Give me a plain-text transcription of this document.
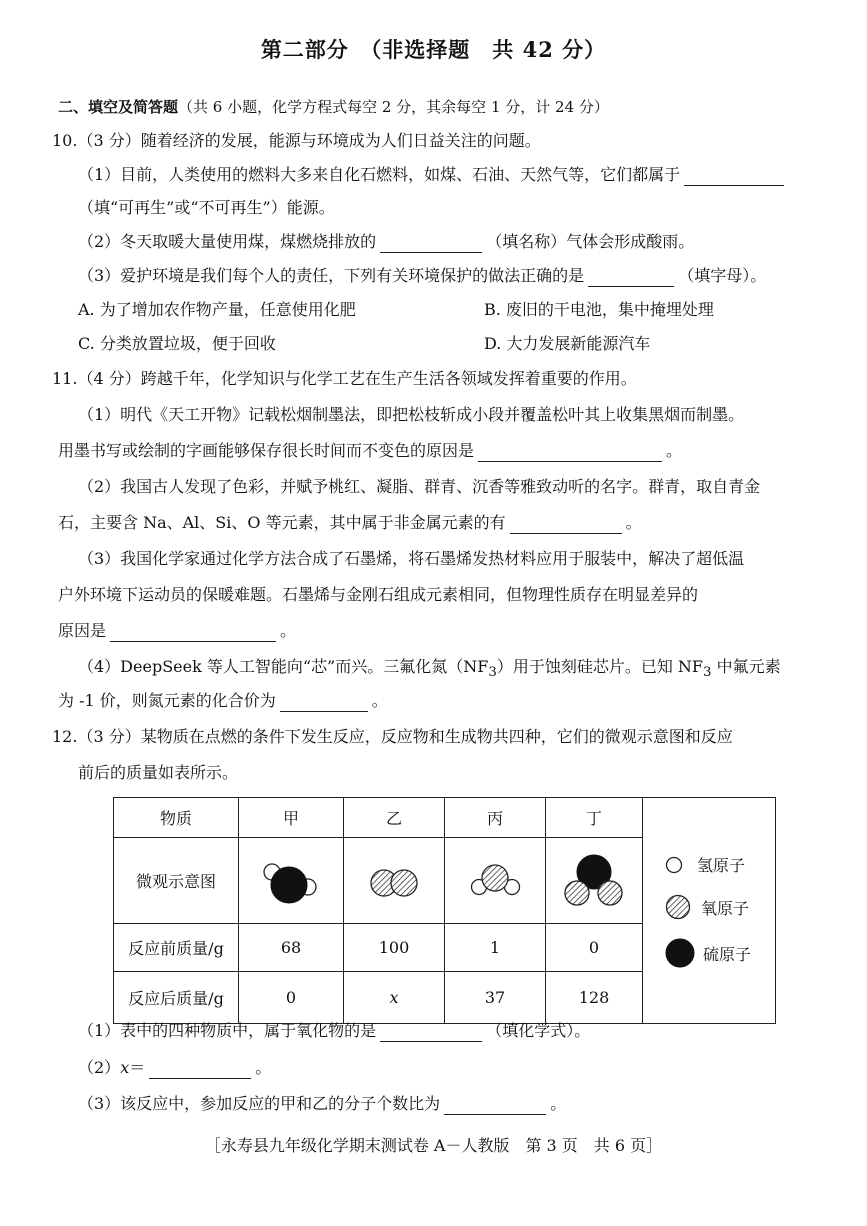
第二部分　（非选择题　共 42 分）
二、填空及简答题（共 6 小题，化学方程式每空 2 分，其余每空 1 分，计 24 分）
10.（3 分）随着经济的发展，能源与环境成为人们日益关注的问题。
（1）目前，人类使用的燃料大多来自化石燃料，如煤、石油、天然气等，它们都属于
（填“可再生”或“不可再生”）能源。
（2）冬天取暖大量使用煤，煤燃烧排放的	（填名称）气体会形成酸雨。
（3）爱护环境是我们每个人的责任，下列有关环境保护的做法正确的是	（填字母）。
A. 为了增加农作物产量，任意使用化肥	B. 废旧的干电池，集中掩埋处理
C. 分类放置垃圾，便于回收	D. 大力发展新能源汽车
11.（4 分）跨越千年，化学知识与化学工艺在生产生活各领域发挥着重要的作用。
（1）明代《天工开物》记载松烟制墨法，即把松枝斩成小段并覆盖松叶其上收集黑烟而制墨。
用墨书写或绘制的字画能够保存很长时间而不变色的原因是	。
（2）我国古人发现了色彩，并赋予桃红、凝脂、群青、沉香等雅致动听的名字。群青，取自青金
石，主要含 Na、Al、Si、O 等元素，其中属于非金属元素的有	。
（3）我国化学家通过化学方法合成了石墨烯，将石墨烯发热材料应用于服装中，解决了超低温
户外环境下运动员的保暖难题。石墨烯与金刚石组成元素相同，但物理性质存在明显差异的
原因是	。
（4）DeepSeek 等人工智能向“芯”而兴。三氟化氮$(NF_3)$用于蚀刻硅芯片。已知 $NF_3$ 中氟元素
为 -1 价，则氮元素的化合价为	。
12.（3 分）某物质在点燃的条件下发生反应，反应物和生成物共四种，它们的微观示意图和反应
前后的质量如表所示。
物质	甲	乙	丙	丁	氢原子
氧原子
硫原子

微观示意图	

反应前质量/g	68	100	1	0	
反应后质量/g	0	x	37	128	
（1）表中的四种物质中，属于氧化物的是	（填化学式）。
（2）x＝	。
（3）该反应中，参加反应的甲和乙的分子个数比为	。
［永寿县九年级化学期末测试卷 A－人教版　第 3 页　共 6 页］
